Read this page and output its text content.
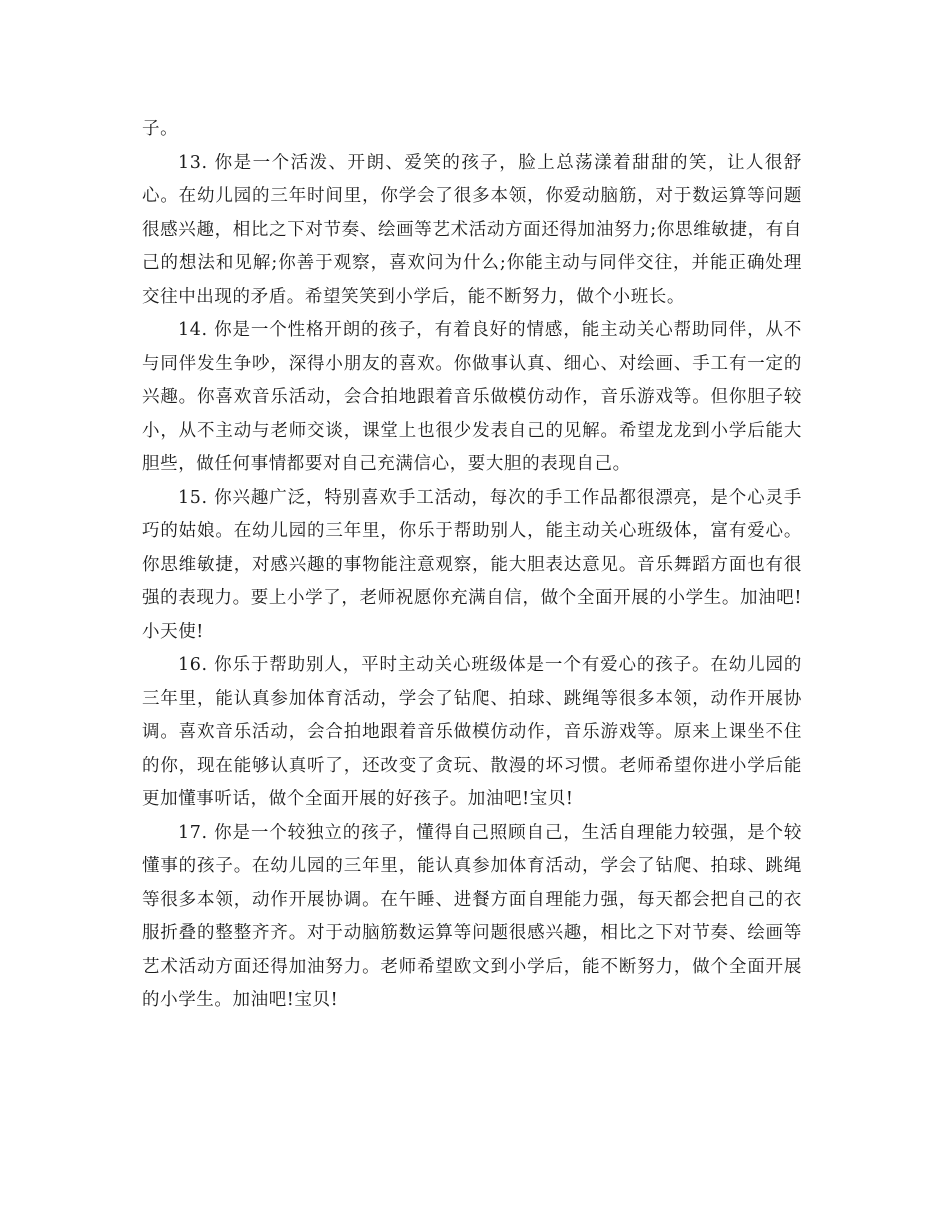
子。

13. 你是一个活泼、开朗、爱笑的孩子，脸上总荡漾着甜甜的笑，让人很舒心。在幼儿园的三年时间里，你学会了很多本领，你爱动脑筋，对于数运算等问题很感兴趣，相比之下对节奏、绘画等艺术活动方面还得加油努力;你思维敏捷，有自己的想法和见解;你善于观察，喜欢问为什么;你能主动与同伴交往，并能正确处理交往中出现的矛盾。希望笑笑到小学后，能不断努力，做个小班长。

14. 你是一个性格开朗的孩子，有着良好的情感，能主动关心帮助同伴，从不与同伴发生争吵，深得小朋友的喜欢。你做事认真、细心、对绘画、手工有一定的兴趣。你喜欢音乐活动，会合拍地跟着音乐做模仿动作，音乐游戏等。但你胆子较小，从不主动与老师交谈，课堂上也很少发表自己的见解。希望龙龙到小学后能大胆些，做任何事情都要对自己充满信心，要大胆的表现自己。

15. 你兴趣广泛，特别喜欢手工活动，每次的手工作品都很漂亮，是个心灵手巧的姑娘。在幼儿园的三年里，你乐于帮助别人，能主动关心班级体，富有爱心。你思维敏捷，对感兴趣的事物能注意观察，能大胆表达意见。音乐舞蹈方面也有很强的表现力。要上小学了，老师祝愿你充满自信，做个全面开展的小学生。加油吧!小天使!

16. 你乐于帮助别人，平时主动关心班级体是一个有爱心的孩子。在幼儿园的三年里，能认真参加体育活动，学会了钻爬、拍球、跳绳等很多本领，动作开展协调。喜欢音乐活动，会合拍地跟着音乐做模仿动作，音乐游戏等。原来上课坐不住的你，现在能够认真听了，还改变了贪玩、散漫的坏习惯。老师希望你进小学后能更加懂事听话，做个全面开展的好孩子。加油吧!宝贝!

17. 你是一个较独立的孩子，懂得自己照顾自己，生活自理能力较强，是个较懂事的孩子。在幼儿园的三年里，能认真参加体育活动，学会了钻爬、拍球、跳绳等很多本领，动作开展协调。在午睡、进餐方面自理能力强，每天都会把自己的衣服折叠的整整齐齐。对于动脑筋数运算等问题很感兴趣，相比之下对节奏、绘画等艺术活动方面还得加油努力。老师希望欧文到小学后，能不断努力，做个全面开展的小学生。加油吧!宝贝!
